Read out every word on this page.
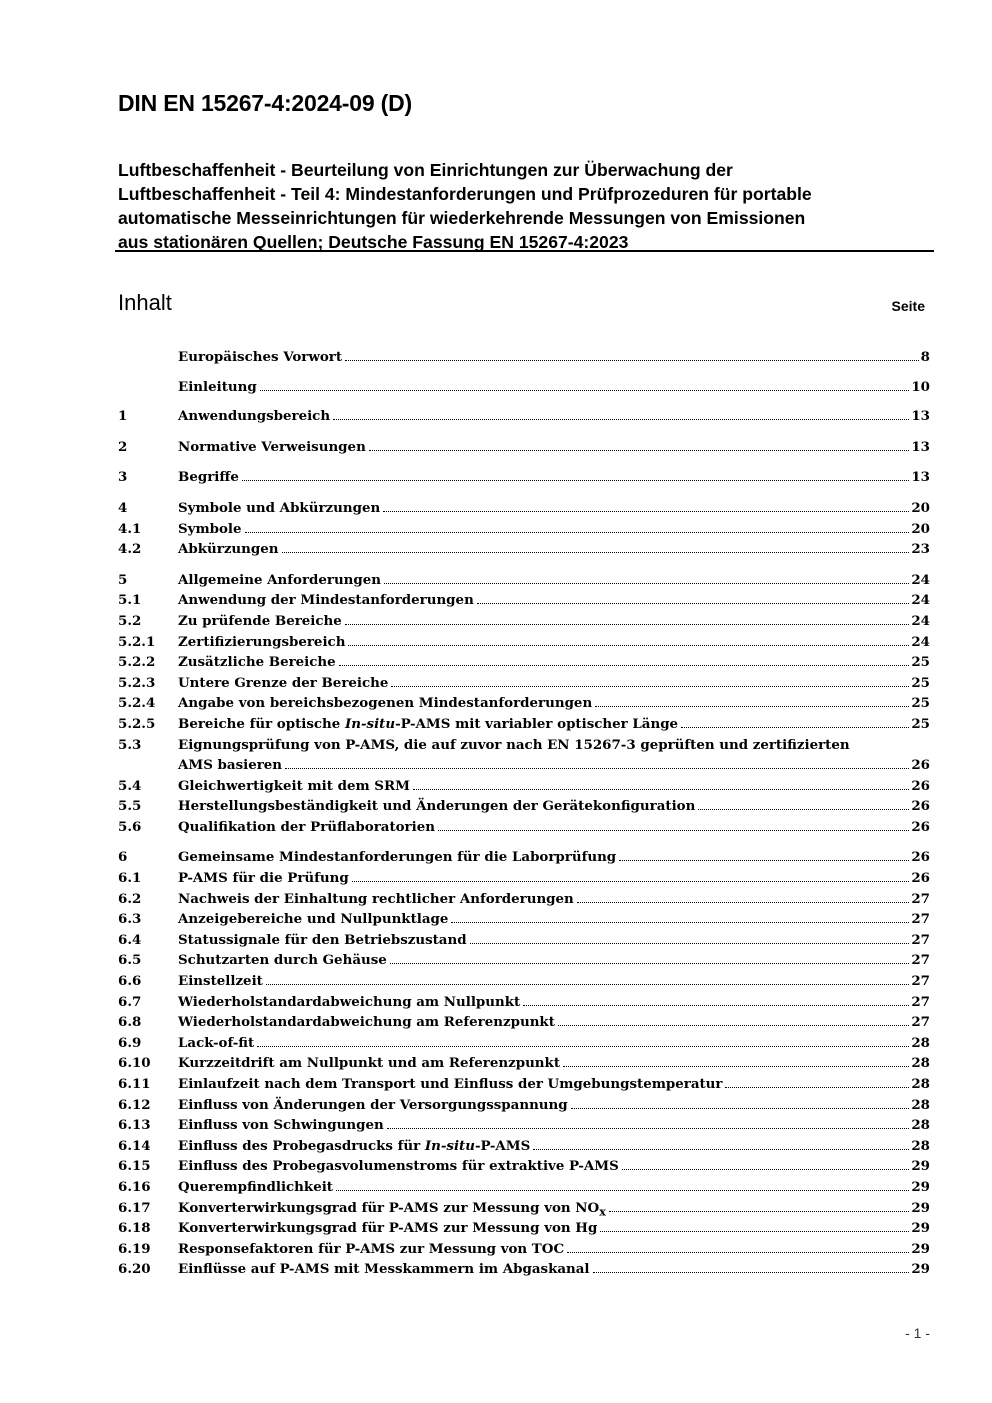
DIN EN 15267-4:2024-09 (D)
Luftbeschaffenheit - Beurteilung von Einrichtungen zur Überwachung der
Luftbeschaffenheit - Teil 4: Mindestanforderungen und Prüfprozeduren für portable
automatische Messeinrichtungen für wiederkehrende Messungen von Emissionen
aus stationären Quellen; Deutsche Fassung EN 15267-4:2023
Inhalt	Seite
Europäisches Vorwort	8
Einleitung	10
1	Anwendungsbereich	13
2	Normative Verweisungen	13
3	Begriffe	13
4	Symbole und Abkürzungen	20
4.1	Symbole	20
4.2	Abkürzungen	23
5	Allgemeine Anforderungen	24
5.1	Anwendung der Mindestanforderungen	24
5.2	Zu prüfende Bereiche	24
5.2.1	Zertifizierungsbereich	24
5.2.2	Zusätzliche Bereiche	25
5.2.3	Untere Grenze der Bereiche	25
5.2.4	Angabe von bereichsbezogenen Mindestanforderungen	25
5.2.5	Bereiche für optische In-situ-P-AMS mit variabler optischer Länge	25
5.3	Eignungsprüfung von P-AMS, die auf zuvor nach EN 15267-3 geprüften und zertifizierten
AMS basieren	26
5.4	Gleichwertigkeit mit dem SRM	26
5.5	Herstellungsbeständigkeit und Änderungen der Gerätekonfiguration	26
5.6	Qualifikation der Prüflaboratorien	26
6	Gemeinsame Mindestanforderungen für die Laborprüfung	26
6.1	P-AMS für die Prüfung	26
6.2	Nachweis der Einhaltung rechtlicher Anforderungen	27
6.3	Anzeigebereiche und Nullpunktlage	27
6.4	Statussignale für den Betriebszustand	27
6.5	Schutzarten durch Gehäuse	27
6.6	Einstellzeit	27
6.7	Wiederholstandardabweichung am Nullpunkt	27
6.8	Wiederholstandardabweichung am Referenzpunkt	27
6.9	Lack-of-fit	28
6.10	Kurzzeitdrift am Nullpunkt und am Referenzpunkt	28
6.11	Einlaufzeit nach dem Transport und Einfluss der Umgebungstemperatur	28
6.12	Einfluss von Änderungen der Versorgungsspannung	28
6.13	Einfluss von Schwingungen	28
6.14	Einfluss des Probegasdrucks für In-situ-P-AMS	28
6.15	Einfluss des Probegasvolumenstroms für extraktive P-AMS	29
6.16	Querempfindlichkeit	29
6.17	Konverterwirkungsgrad für P-AMS zur Messung von $NO_x$	29
6.18	Konverterwirkungsgrad für P-AMS zur Messung von Hg	29
6.19	Responsefaktoren für P-AMS zur Messung von TOC	29
6.20	Einflüsse auf P-AMS mit Messkammern im Abgaskanal	29
- 1 -
